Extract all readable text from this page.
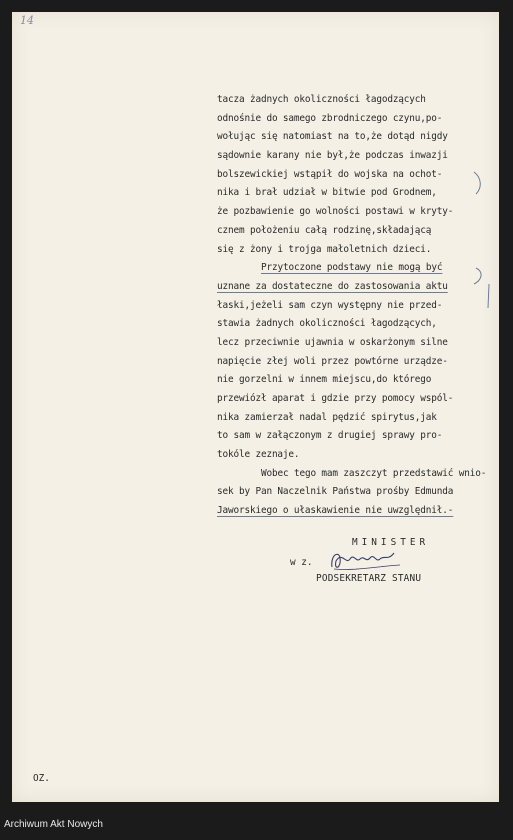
14
tacza żadnych okoliczności łagodzących
odnośnie do samego zbrodniczego czynu,po-
wołując się natomiast na to,że dotąd nigdy
sądownie karany nie był,że podczas inwazji
bolszewickiej wstąpił do wojska na ochot-
nika i brał udział w bitwie pod Grodnem,
że pozbawienie go wolności postawi w kryty-
cznem położeniu całą rodzinę,składającą
się z żony i trojga małoletnich dzieci.
Przytoczone podstawy nie mogą być
uznane za dostateczne do zastosowania aktu
łaski,jeżeli sam czyn występny nie przed-
stawia żadnych okoliczności łagodzących,
lecz przeciwnie ujawnia w oskarżonym silne
napięcie złej woli przez powtórne urządze-
nie gorzelni w innem miejscu,do którego
przewiózł aparat i gdzie przy pomocy wspól-
nika zamierzał nadal pędzić spirytus,jak
to sam w załączonym z drugiej sprawy pro-
tokóle zeznaje.
Wobec tego mam zaszczyt przedstawić wnio-
sek by Pan Naczelnik Państwa prośby Edmunda
Jaworskiego o ułaskawienie nie uwzględnił.-
MINISTER
w z.
PODSEKRETARZ STANU
OZ.
Archiwum Akt Nowych
